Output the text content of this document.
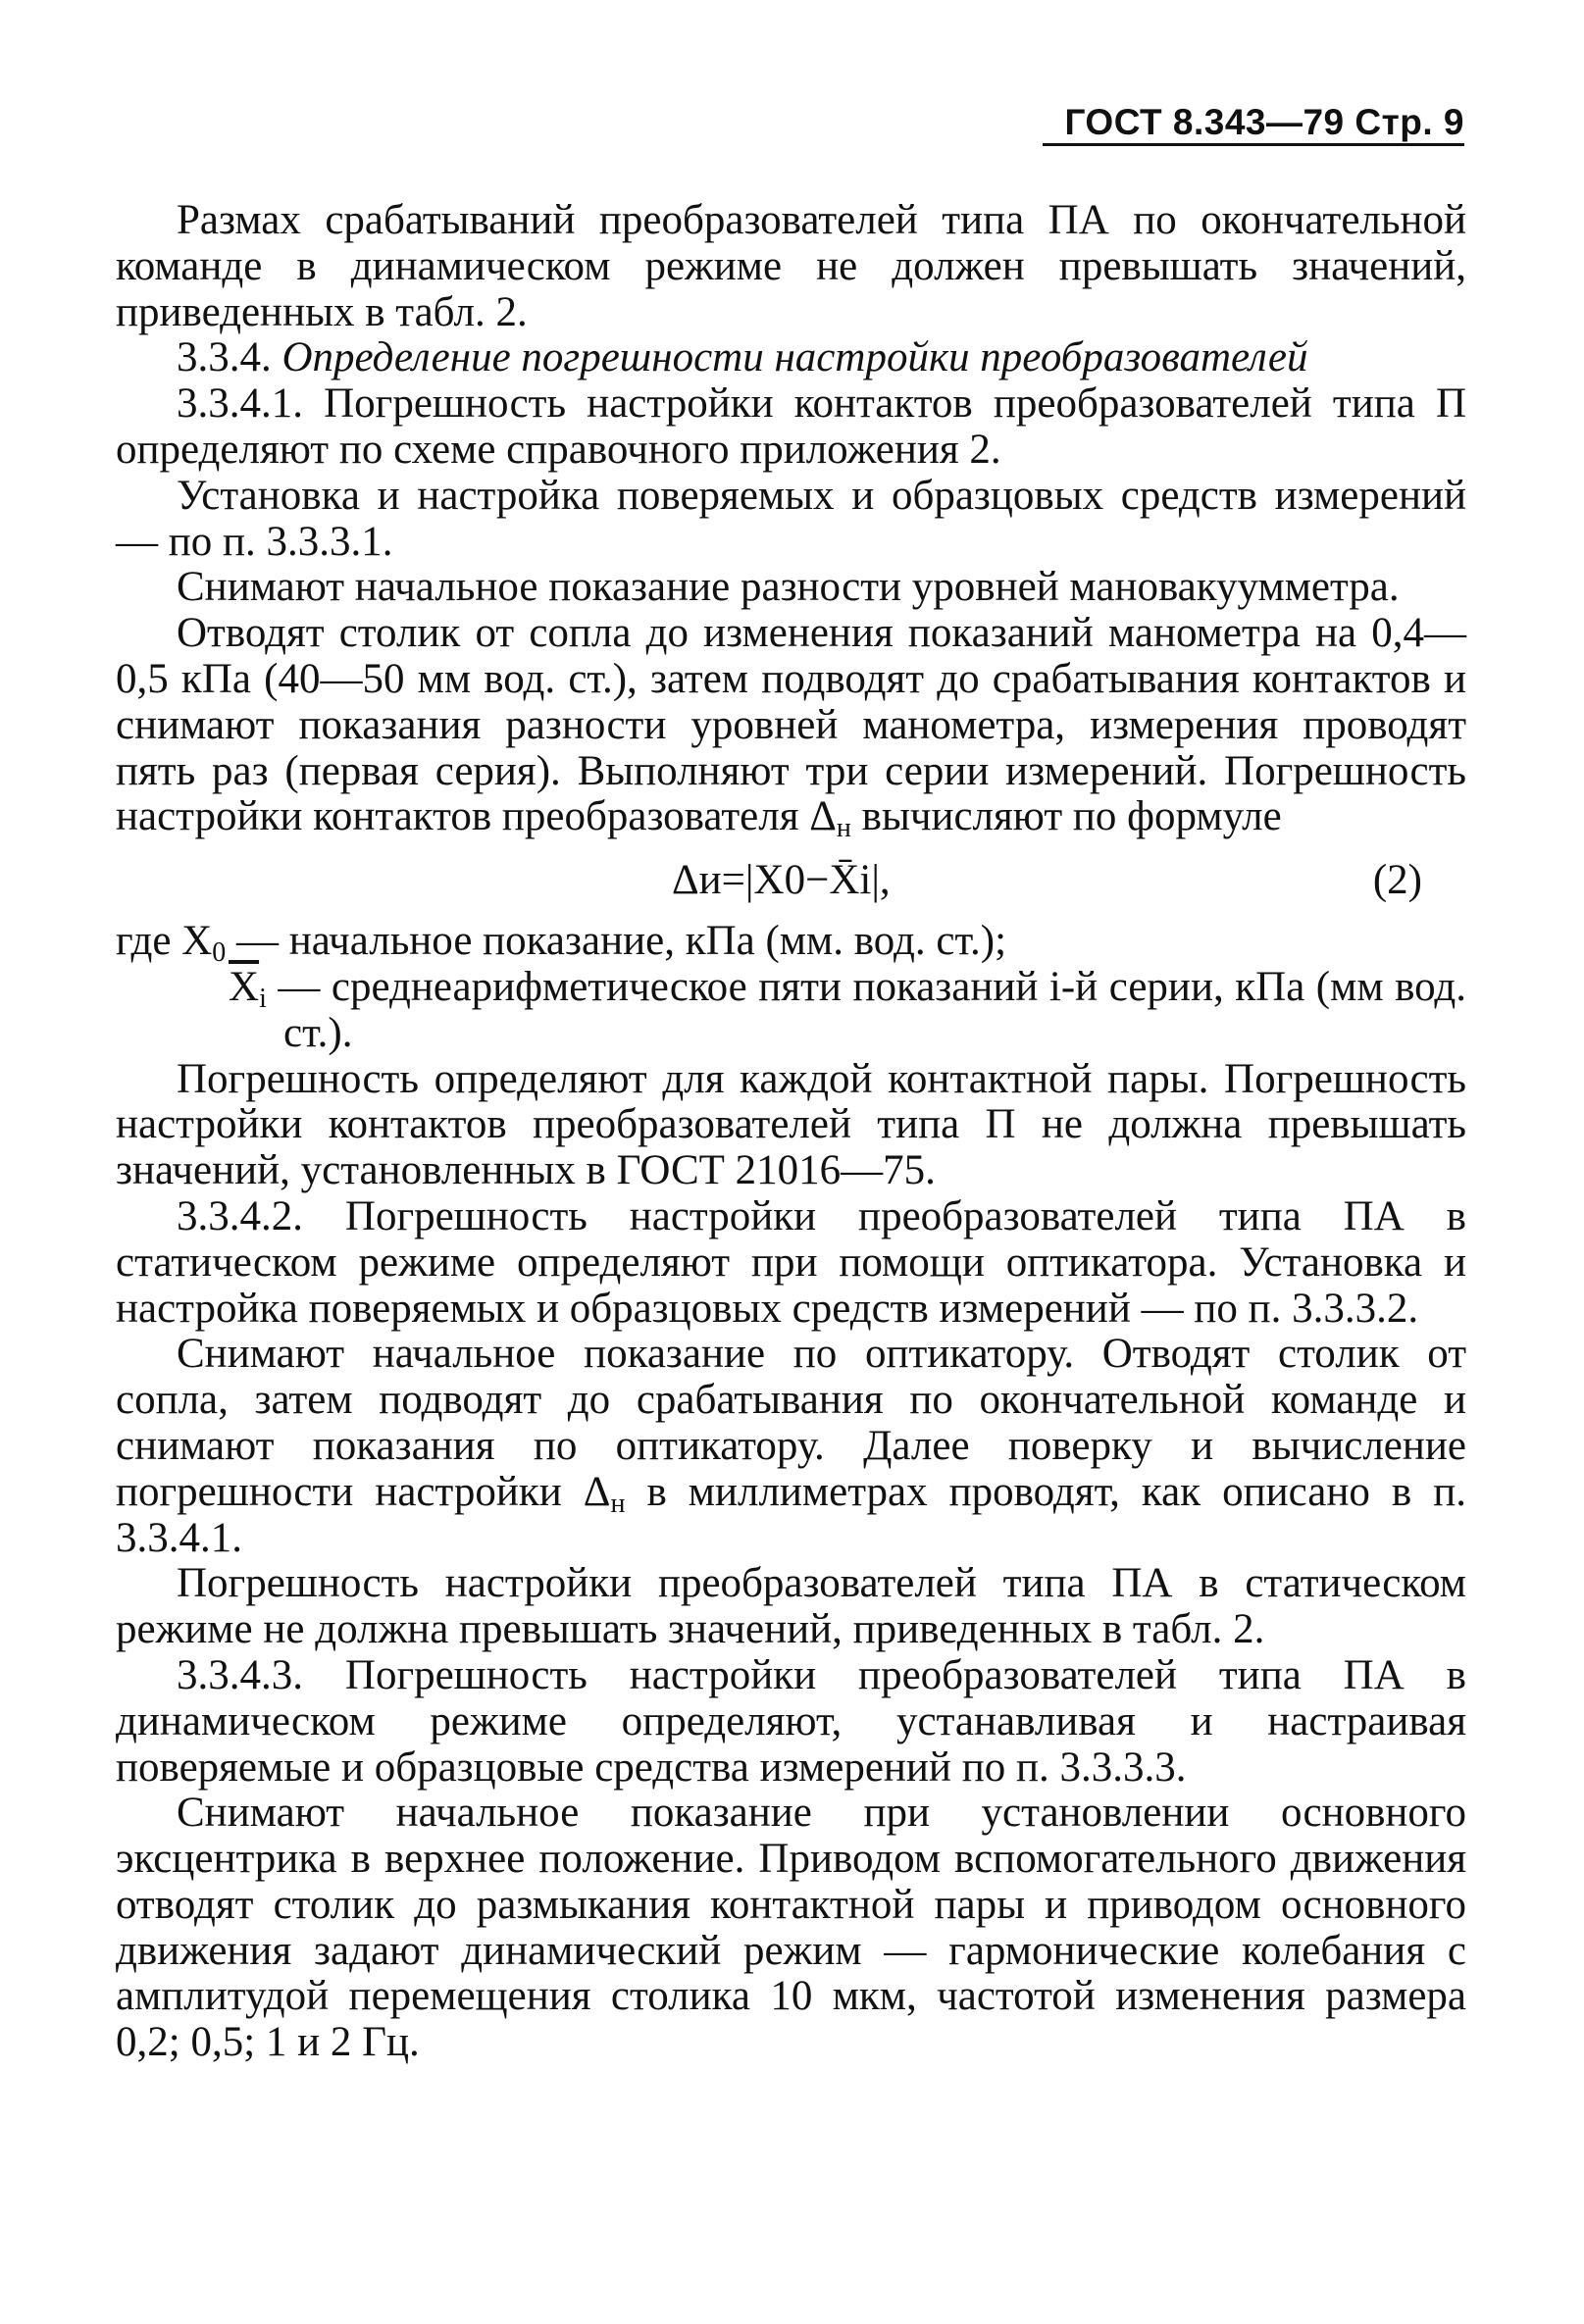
ГОСТ 8.343—79 Стр. 9

Размах срабатываний преобразователей типа ПА по окончательной команде в динамическом режиме не должен превышать значений, приведенных в табл. 2.

3.3.4. Определение погрешности настройки преобразователей

3.3.4.1. Погрешность настройки контактов преобразователей типа П определяют по схеме справочного приложения 2.

Установка и настройка поверяемых и образцовых средств измерений — по п. 3.3.3.1.

Снимают начальное показание разности уровней мановакуумметра.

Отводят столик от сопла до изменения показаний манометра на 0,4—0,5 кПа (40—50 мм вод. ст.), затем подводят до срабатывания контактов и снимают показания разности уровней манометра, измерения проводят пять раз (первая серия). Выполняют три серии измерений. Погрешность настройки контактов преобразователя $\Delta_н$ вычисляют по формуле

Δи=|X0−X̄i|,	(2)

где $X_0$ — начальное показание, кПа (мм. вод. ст.);

$\overline{X}_i$ — среднеарифметическое пяти показаний i-й серии, кПа (мм вод. ст.).

Погрешность определяют для каждой контактной пары. Погрешность настройки контактов преобразователей типа П не должна превышать значений, установленных в ГОСТ 21016—75.

3.3.4.2. Погрешность настройки преобразователей типа ПА в статическом режиме определяют при помощи оптикатора. Установка и настройка поверяемых и образцовых средств измерений — по п. 3.3.3.2.

Снимают начальное показание по оптикатору. Отводят столик от сопла, затем подводят до срабатывания по окончательной команде и снимают показания по оптикатору. Далее поверку и вычисление погрешности настройки $\Delta_н$ в миллиметрах проводят, как описано в п. 3.3.4.1.

Погрешность настройки преобразователей типа ПА в статическом режиме не должна превышать значений, приведенных в табл. 2.

3.3.4.3. Погрешность настройки преобразователей типа ПА в динамическом режиме определяют, устанавливая и настраивая поверяемые и образцовые средства измерений по п. 3.3.3.3.

Снимают начальное показание при установлении основного эксцентрика в верхнее положение. Приводом вспомогательного движения отводят столик до размыкания контактной пары и приводом основного движения задают динамический режим — гармонические колебания с амплитудой перемещения столика 10 мкм, частотой изменения размера 0,2; 0,5; 1 и 2 Гц.
